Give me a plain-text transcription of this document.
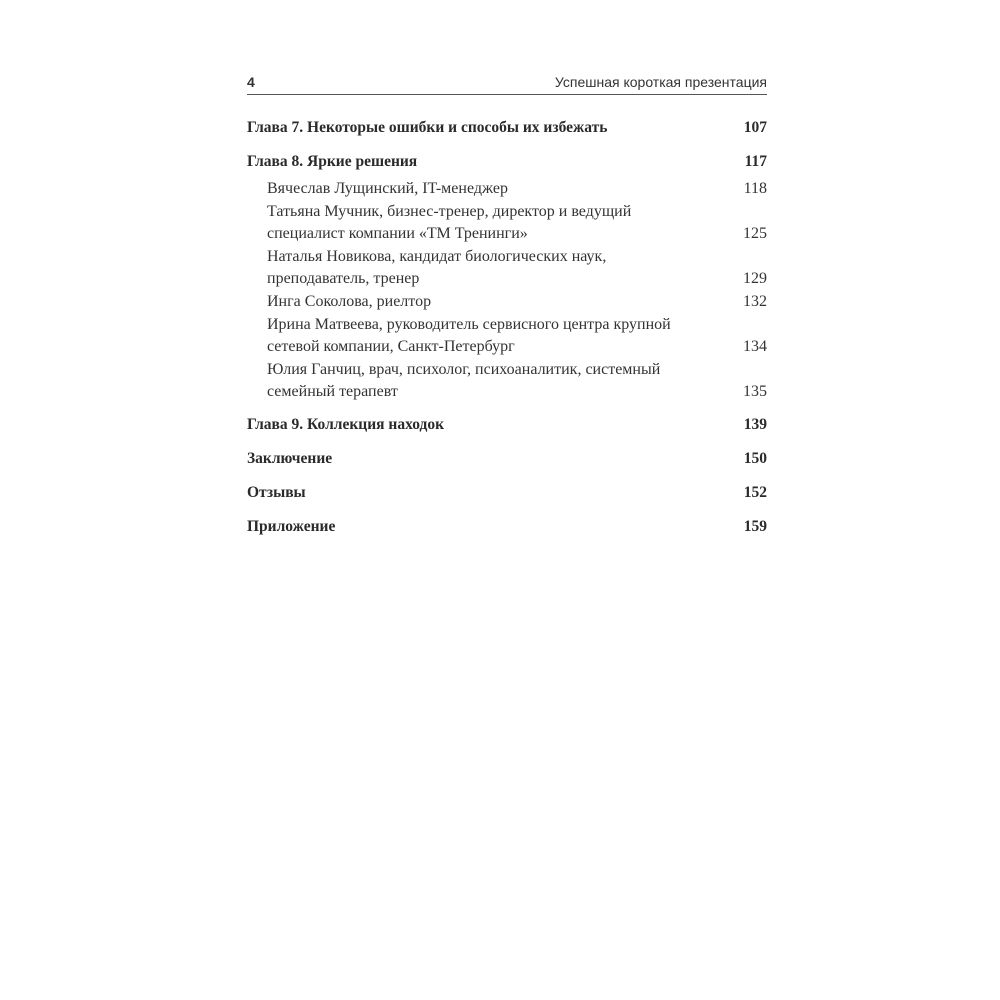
4	Успешная короткая презентация
Глава 7. Некоторые ошибки и способы их избежать	107
Глава 8. Яркие решения	117
Вячеслав Лущинский, IT-менеджер	118
Татьяна Мучник, бизнес-тренер, директор и ведущий
специалист компании «ТМ Тренинги»	125
Наталья Новикова, кандидат биологических наук,
преподаватель, тренер	129
Инга Соколова, риелтор	132
Ирина Матвеева, руководитель сервисного центра крупной
сетевой компании, Санкт-Петербург	134
Юлия Ганчиц, врач, психолог, психоаналитик, системный
семейный терапевт	135
Глава 9. Коллекция находок	139
Заключение	150
Отзывы	152
Приложение	159
